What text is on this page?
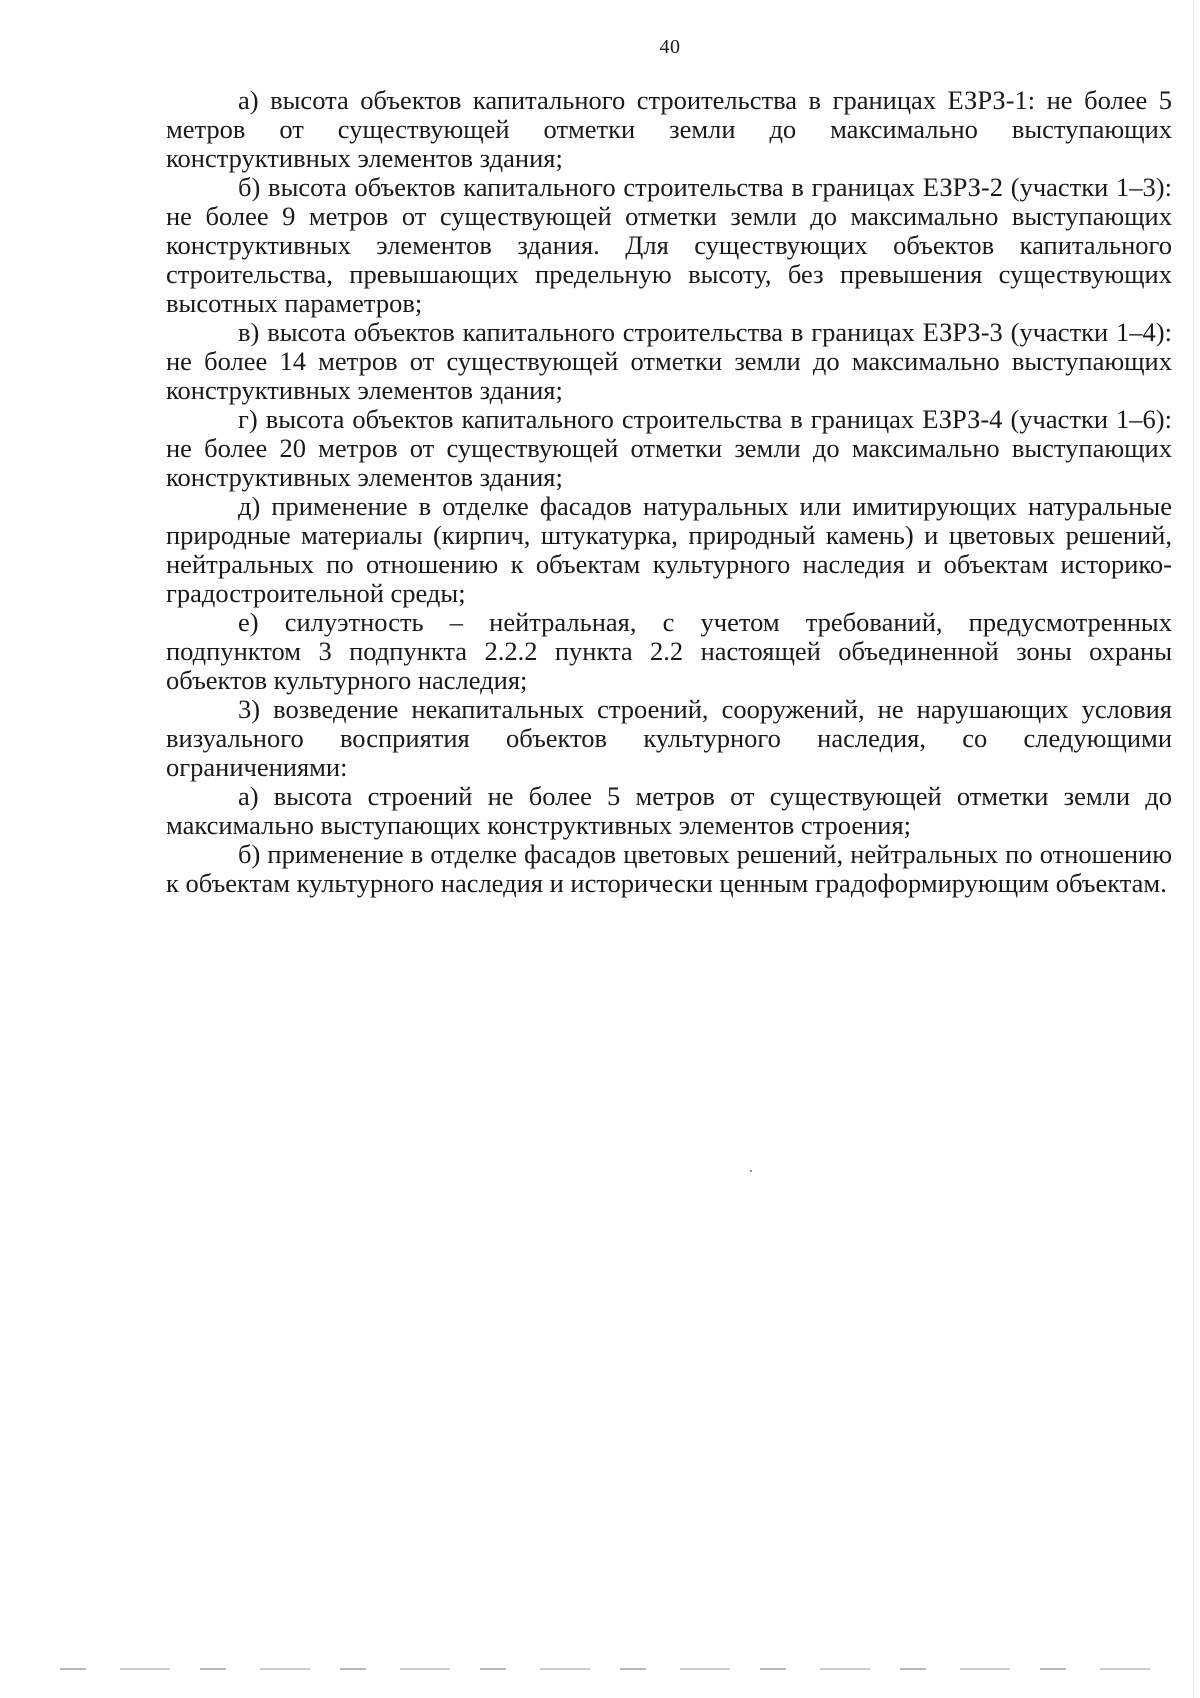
40

а) высота объектов капитального строительства в границах ЕЗРЗ-1: не более 5 метров от существующей отметки земли до максимально выступающих конструктивных элементов здания;

б) высота объектов капитального строительства в границах ЕЗРЗ-2 (участки 1–3): не более 9 метров от существующей отметки земли до максимально выступающих конструктивных элементов здания. Для существующих объектов капитального строительства, превышающих предельную высоту, без превышения существующих высотных параметров;

в) высота объектов капитального строительства в границах ЕЗРЗ-3 (участки 1–4): не более 14 метров от существующей отметки земли до максимально выступающих конструктивных элементов здания;

г) высота объектов капитального строительства в границах ЕЗРЗ-4 (участки 1–6): не более 20 метров от существующей отметки земли до максимально выступающих конструктивных элементов здания;

д) применение в отделке фасадов натуральных или имитирующих натуральные природные материалы (кирпич, штукатурка, природный камень) и цветовых решений, нейтральных по отношению к объектам культурного наследия и объектам историко-градостроительной среды;

е) силуэтность – нейтральная, с учетом требований, предусмотренных подпунктом 3 подпункта 2.2.2 пункта 2.2 настоящей объединенной зоны охраны объектов культурного наследия;

3) возведение некапитальных строений, сооружений, не нарушающих условия визуального восприятия объектов культурного наследия, со следующими ограничениями:

а) высота строений не более 5 метров от существующей отметки земли до максимально выступающих конструктивных элементов строения;

б) применение в отделке фасадов цветовых решений, нейтральных по отношению к объектам культурного наследия и исторически ценным градоформирующим объектам.
